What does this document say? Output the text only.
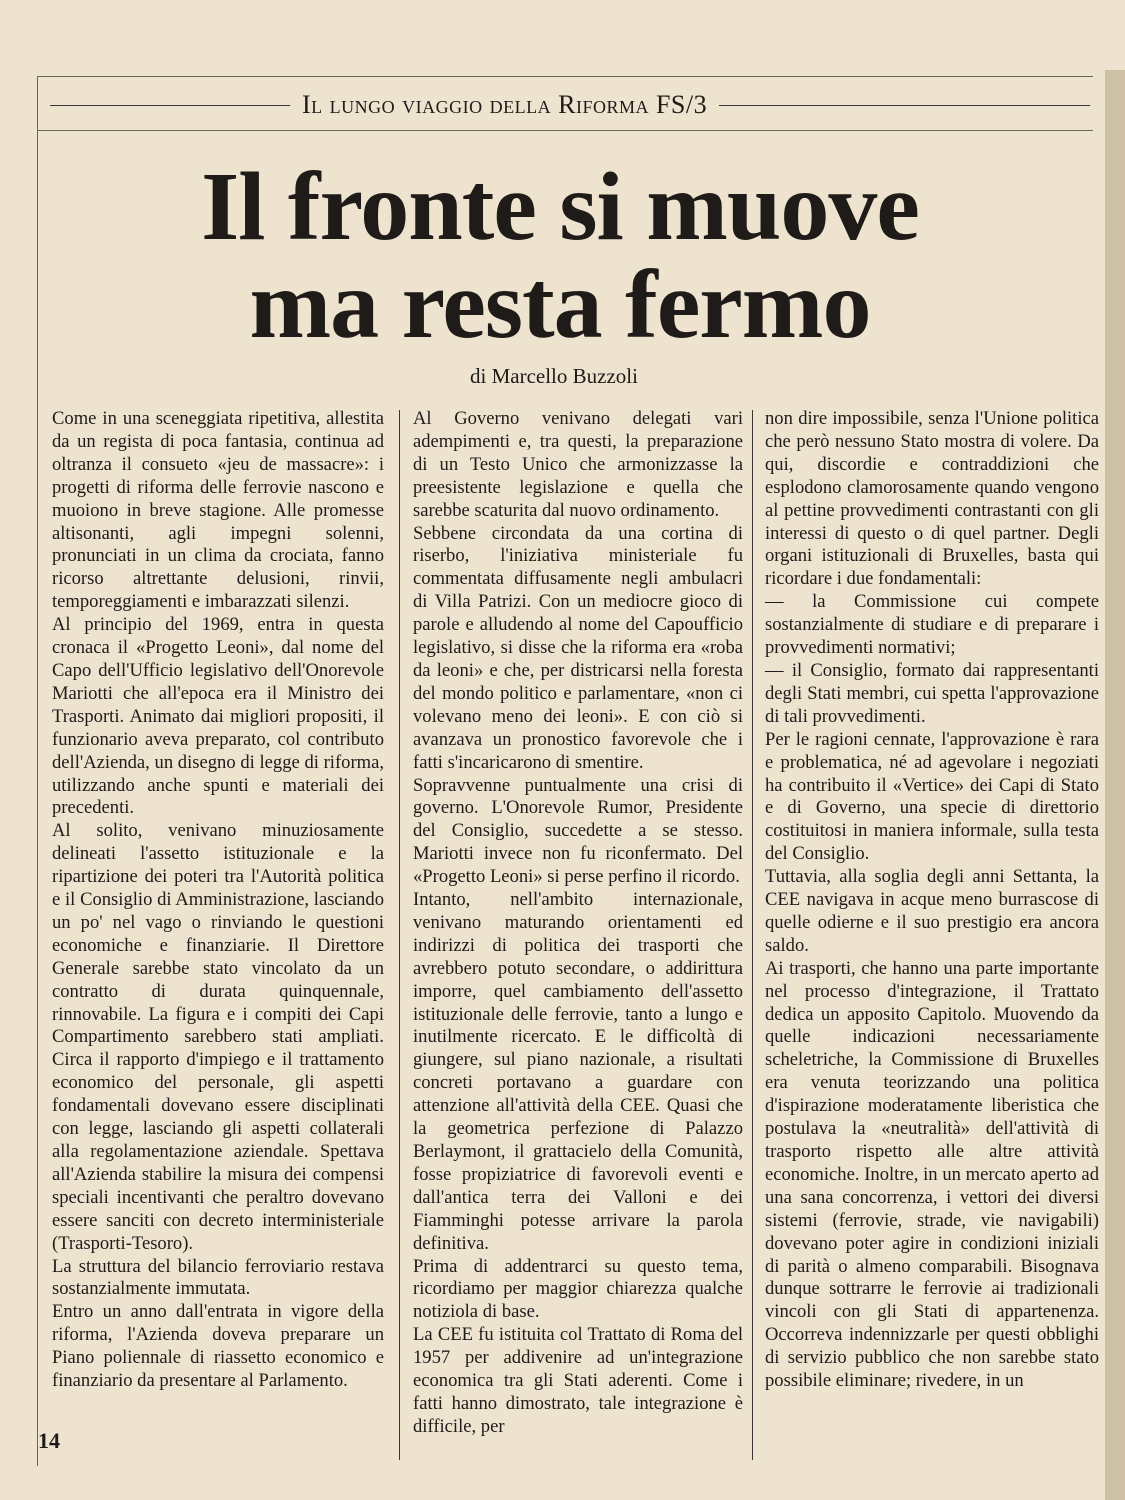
Il lungo viaggio della Riforma FS/3
Il fronte si muove
ma resta fermo
di Marcello Buzzoli

Come in una sceneggiata ripetitiva, allestita da un regista di poca fantasia, continua ad oltranza il consueto «jeu de massacre»: i progetti di riforma delle ferrovie nascono e muoiono in breve stagione. Alle promesse altisonanti, agli impegni solenni, pronunciati in un clima da crociata, fanno ricorso altrettante delusioni, rinvii, temporeggiamenti e imbarazzati silenzi.

Al principio del 1969, entra in questa cronaca il «Progetto Leoni», dal nome del Capo dell'Ufficio legislativo dell'Onorevole Mariotti che all'epoca era il Ministro dei Trasporti. Animato dai migliori propositi, il funzionario aveva preparato, col contributo dell'Azienda, un disegno di legge di riforma, utilizzando anche spunti e materiali dei precedenti.

Al solito, venivano minuziosamente delineati l'assetto istituzionale e la ripartizione dei poteri tra l'Autorità politica e il Consiglio di Amministrazione, lasciando un po' nel vago o rinviando le questioni economiche e finanziarie. Il Direttore Generale sarebbe stato vincolato da un contratto di durata quinquennale, rinnovabile. La figura e i compiti dei Capi Compartimento sarebbero stati ampliati. Circa il rapporto d'impiego e il trattamento economico del personale, gli aspetti fondamentali dovevano essere disciplinati con legge, lasciando gli aspetti collaterali alla regolamentazione aziendale. Spettava all'Azienda stabilire la misura dei compensi speciali incentivanti che peraltro dovevano essere sanciti con decreto interministeriale (Trasporti-Tesoro).

La struttura del bilancio ferroviario restava sostanzialmente immutata.

Entro un anno dall'entrata in vigore della riforma, l'Azienda doveva preparare un Piano poliennale di riassetto economico e finanziario da presentare al Parlamento.

Al Governo venivano delegati vari adempimenti e, tra questi, la preparazione di un Testo Unico che armonizzasse la preesistente legislazione e quella che sarebbe scaturita dal nuovo ordinamento.

Sebbene circondata da una cortina di riserbo, l'iniziativa ministeriale fu commentata diffusamente negli ambulacri di Villa Patrizi. Con un mediocre gioco di parole e alludendo al nome del Capoufficio legislativo, si disse che la riforma era «roba da leoni» e che, per districarsi nella foresta del mondo politico e parlamentare, «non ci volevano meno dei leoni». E con ciò si avanzava un pronostico favorevole che i fatti s'incaricarono di smentire.

Sopravvenne puntualmente una crisi di governo. L'Onorevole Rumor, Presidente del Consiglio, succedette a se stesso. Mariotti invece non fu riconfermato. Del «Progetto Leoni» si perse perfino il ricordo.

Intanto, nell'ambito internazionale, venivano maturando orientamenti ed indirizzi di politica dei trasporti che avrebbero potuto secondare, o addirittura imporre, quel cambiamento dell'assetto istituzionale delle ferrovie, tanto a lungo e inutilmente ricercato. E le difficoltà di giungere, sul piano nazionale, a risultati concreti portavano a guardare con attenzione all'attività della CEE. Quasi che la geometrica perfezione di Palazzo Berlaymont, il grattacielo della Comunità, fosse propiziatrice di favorevoli eventi e dall'antica terra dei Valloni e dei Fiamminghi potesse arrivare la parola definitiva.

Prima di addentrarci su questo tema, ricordiamo per maggior chiarezza qualche notiziola di base.

La CEE fu istituita col Trattato di Roma del 1957 per addivenire ad un'integrazione economica tra gli Stati aderenti. Come i fatti hanno dimostrato, tale integrazione è difficile, per

non dire impossibile, senza l'Unione politica che però nessuno Stato mostra di volere. Da qui, discordie e contraddizioni che esplodono clamorosamente quando vengono al pettine provvedimenti contrastanti con gli interessi di questo o di quel partner. Degli organi istituzionali di Bruxelles, basta qui ricordare i due fondamentali:

— la Commissione cui compete sostanzialmente di studiare e di preparare i provvedimenti normativi;

— il Consiglio, formato dai rappresentanti degli Stati membri, cui spetta l'approvazione di tali provvedimenti.

Per le ragioni cennate, l'approvazione è rara e problematica, né ad agevolare i negoziati ha contribuito il «Vertice» dei Capi di Stato e di Governo, una specie di direttorio costituitosi in maniera informale, sulla testa del Consiglio.

Tuttavia, alla soglia degli anni Settanta, la CEE navigava in acque meno burrascose di quelle odierne e il suo prestigio era ancora saldo.

Ai trasporti, che hanno una parte importante nel processo d'integrazione, il Trattato dedica un apposito Capitolo. Muovendo da quelle indicazioni necessariamente scheletriche, la Commissione di Bruxelles era venuta teorizzando una politica d'ispirazione moderatamente liberistica che postulava la «neutralità» dell'attività di trasporto rispetto alle altre attività economiche. Inoltre, in un mercato aperto ad una sana concorrenza, i vettori dei diversi sistemi (ferrovie, strade, vie navigabili) dovevano poter agire in condizioni iniziali di parità o almeno comparabili. Bisognava dunque sottrarre le ferrovie ai tradizionali vincoli con gli Stati di appartenenza. Occorreva indennizzarle per questi obblighi di servizio pubblico che non sarebbe stato possibile eliminare; rivedere, in un

14
